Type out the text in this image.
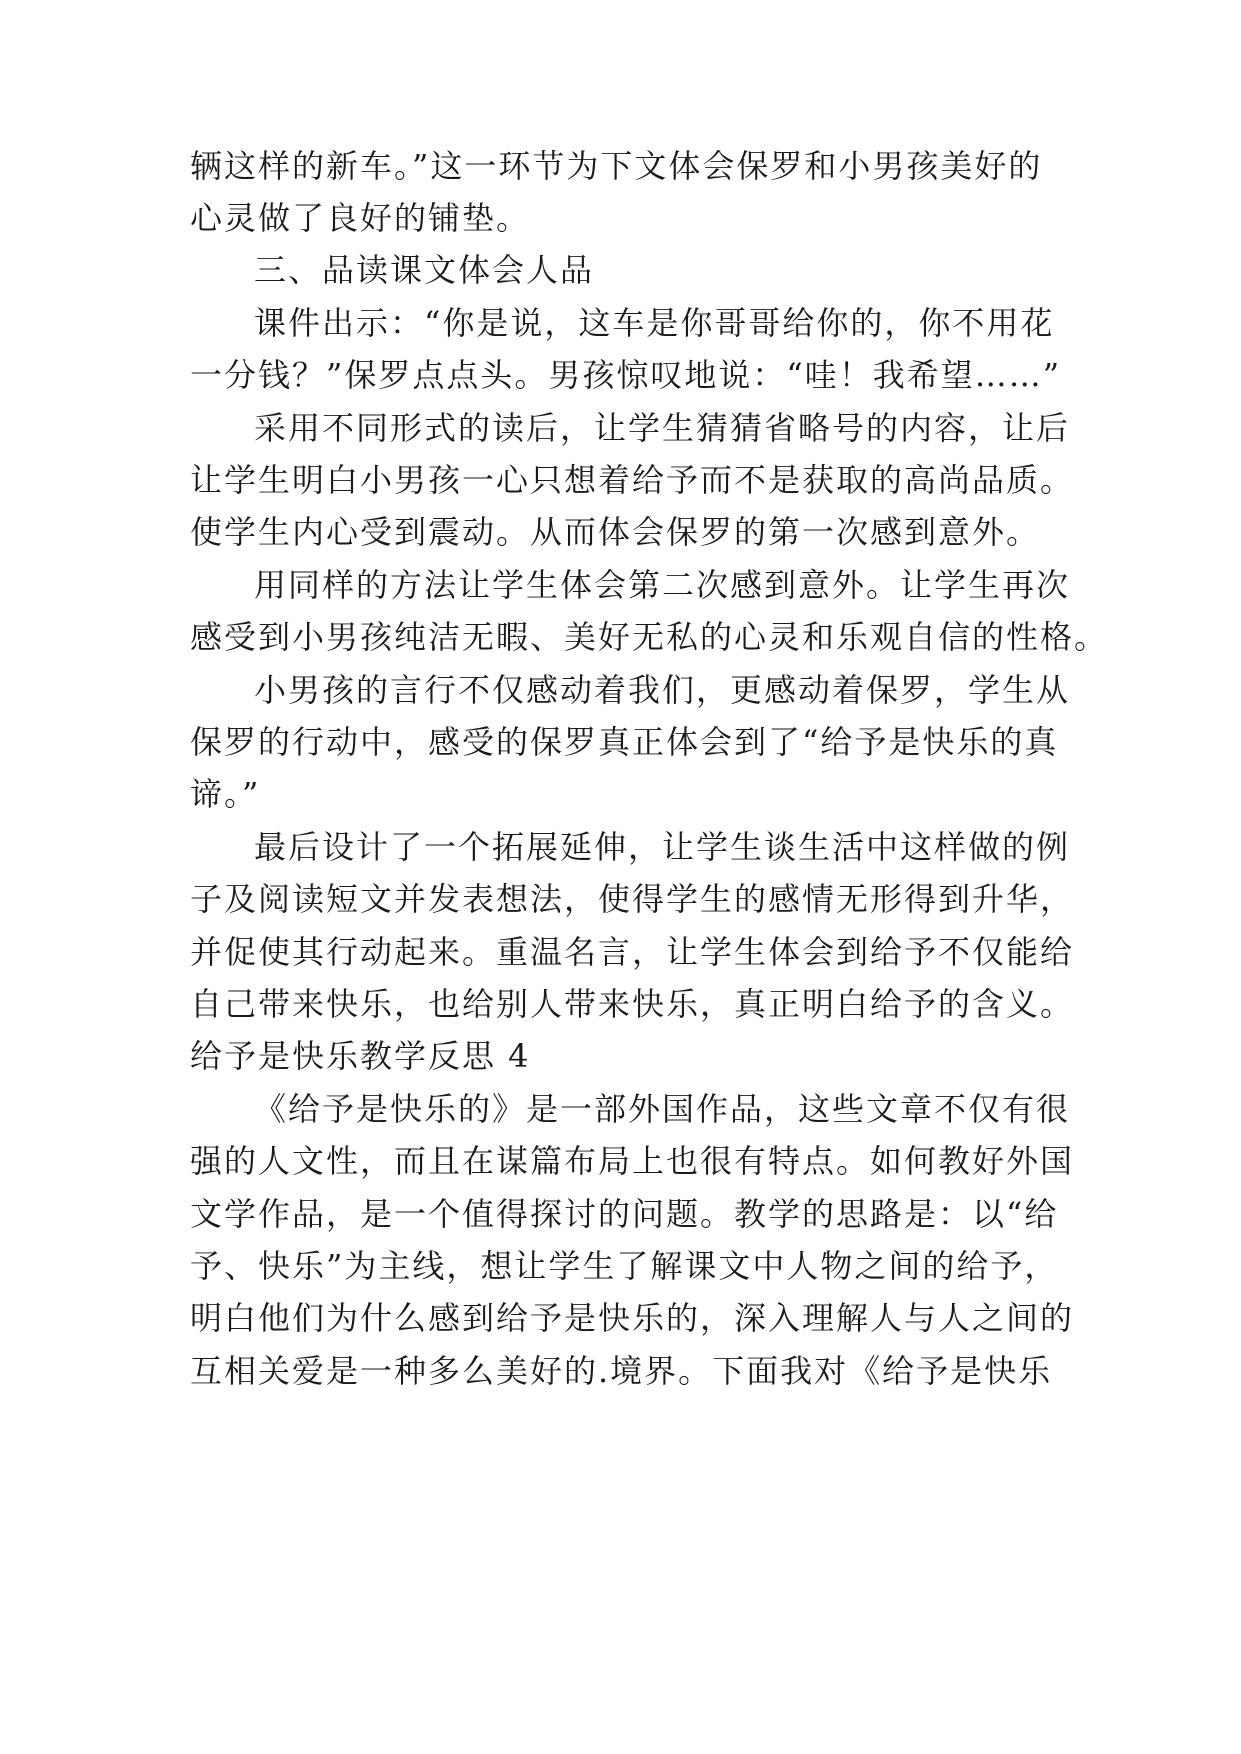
辆这样的新车。”这一环节为下文体会保罗和小男孩美好的
心灵做了良好的铺垫。
三、品读课文体会人品
课件出示：“你是说，这车是你哥哥给你的，你不用花
一分钱？”保罗点点头。男孩惊叹地说：“哇！我希望……”
采用不同形式的读后，让学生猜猜省略号的内容，让后
让学生明白小男孩一心只想着给予而不是获取的高尚品质。
使学生内心受到震动。从而体会保罗的第一次感到意外。
用同样的方法让学生体会第二次感到意外。让学生再次
感受到小男孩纯洁无暇、美好无私的心灵和乐观自信的性格。
小男孩的言行不仅感动着我们，更感动着保罗，学生从
保罗的行动中，感受的保罗真正体会到了“给予是快乐的真
谛。”
最后设计了一个拓展延伸，让学生谈生活中这样做的例
子及阅读短文并发表想法，使得学生的感情无形得到升华，
并促使其行动起来。重温名言，让学生体会到给予不仅能给
自己带来快乐，也给别人带来快乐，真正明白给予的含义。
给予是快乐教学反思 4
《给予是快乐的》是一部外国作品，这些文章不仅有很
强的人文性，而且在谋篇布局上也很有特点。如何教好外国
文学作品，是一个值得探讨的问题。教学的思路是：以“给
予、快乐”为主线，想让学生了解课文中人物之间的给予，
明白他们为什么感到给予是快乐的，深入理解人与人之间的
互相关爱是一种多么美好的.境界。下面我对《给予是快乐
